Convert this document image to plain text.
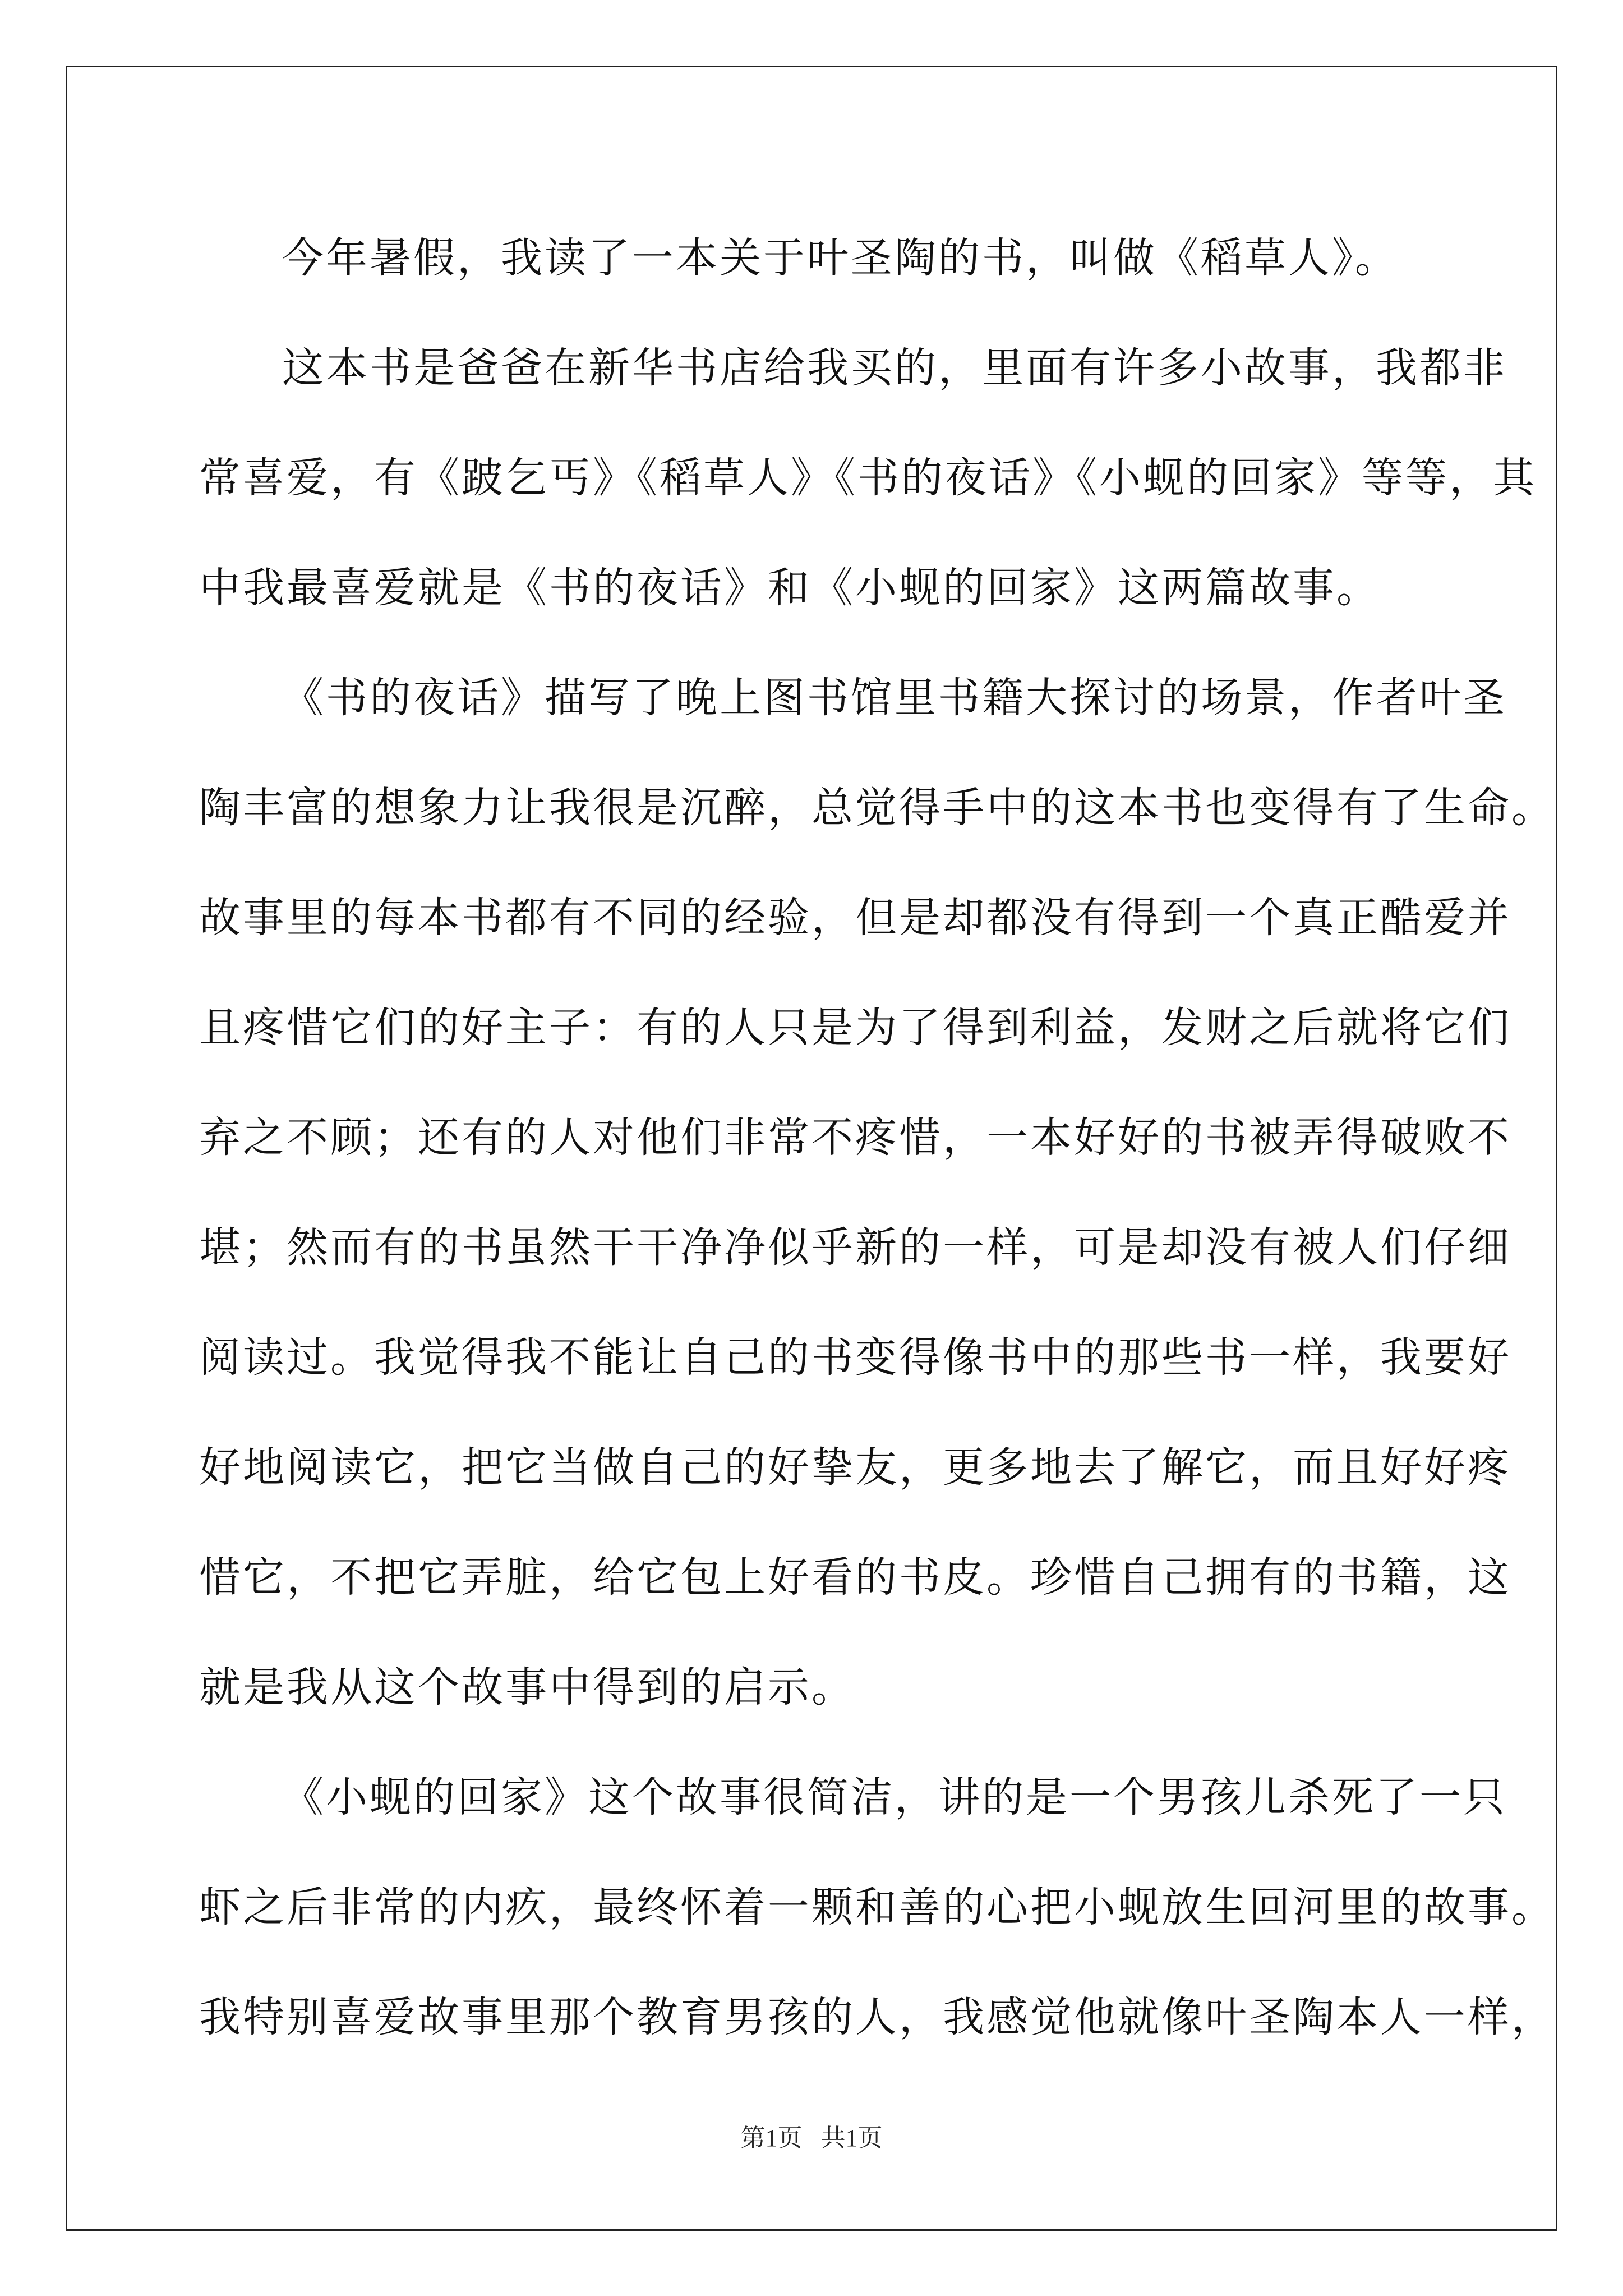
今年暑假，我读了一本关于叶圣陶的书，叫做《稻草人》。
这本书是爸爸在新华书店给我买的，里面有许多小故事，我都非
常喜爱，有《跛乞丐》《稻草人》《书的夜话》《小蚬的回家》等等，其
中我最喜爱就是《书的夜话》和《小蚬的回家》这两篇故事。
《书的夜话》描写了晚上图书馆里书籍大探讨的场景，作者叶圣
陶丰富的想象力让我很是沉醉，总觉得手中的这本书也变得有了生命。
故事里的每本书都有不同的经验，但是却都没有得到一个真正酷爱并
且疼惜它们的好主子：有的人只是为了得到利益，发财之后就将它们
弃之不顾；还有的人对他们非常不疼惜，一本好好的书被弄得破败不
堪；然而有的书虽然干干净净似乎新的一样，可是却没有被人们仔细
阅读过。我觉得我不能让自己的书变得像书中的那些书一样，我要好
好地阅读它，把它当做自己的好挚友，更多地去了解它，而且好好疼
惜它，不把它弄脏，给它包上好看的书皮。珍惜自己拥有的书籍，这
就是我从这个故事中得到的启示。
《小蚬的回家》这个故事很简洁，讲的是一个男孩儿杀死了一只
虾之后非常的内疚，最终怀着一颗和善的心把小蚬放生回河里的故事。
我特别喜爱故事里那个教育男孩的人，我感觉他就像叶圣陶本人一样，
第1页   共1页
